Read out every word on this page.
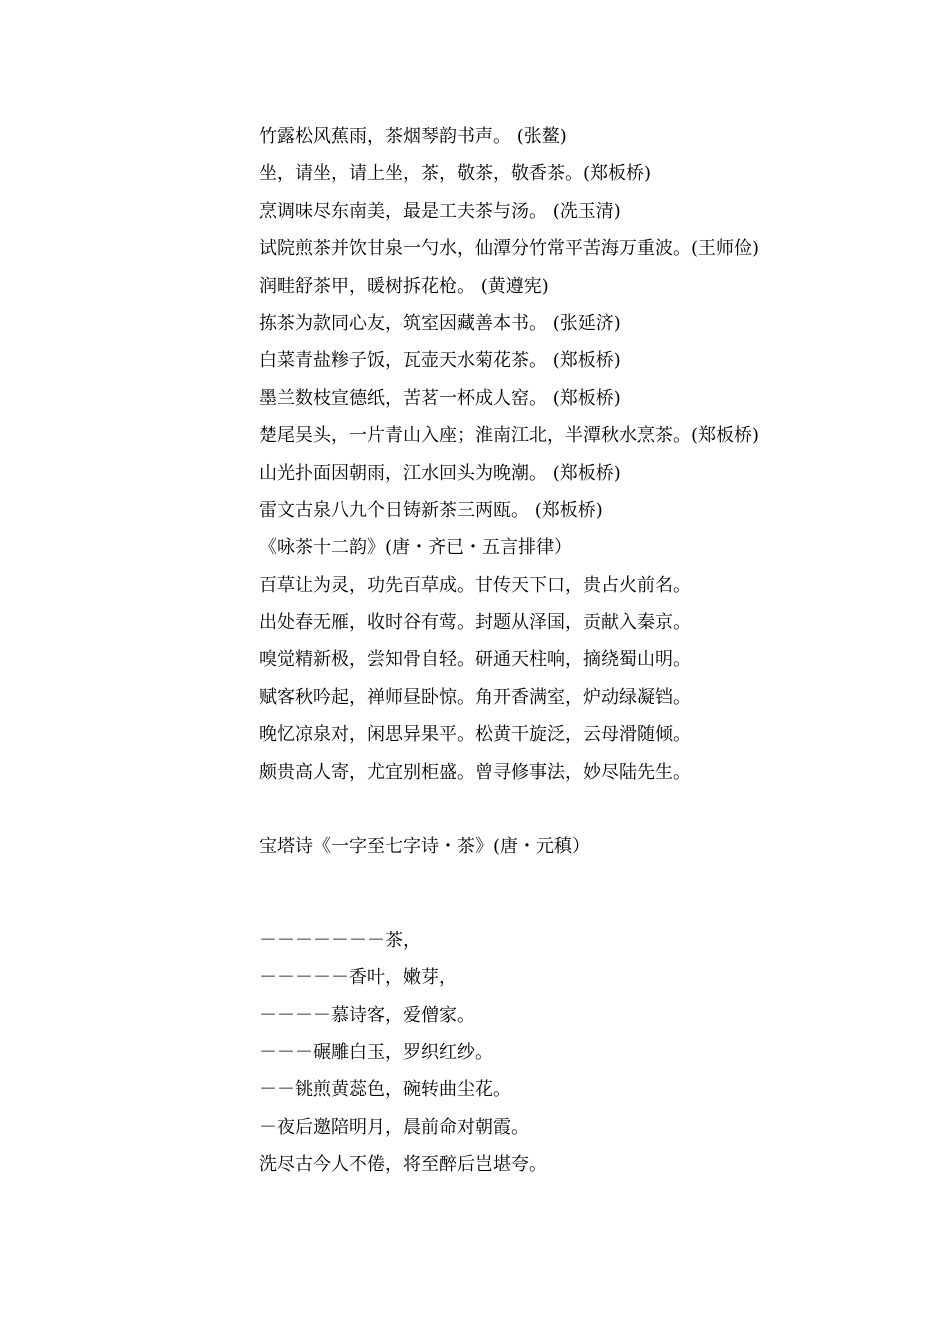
竹露松风蕉雨，茶烟琴韵书声。 (张鳌)
坐，请坐，请上坐，茶，敬茶，敬香茶。(郑板桥)
烹调味尽东南美，最是工夫茶与汤。 (冼玉清)
试院煎茶并饮甘泉一勺水，仙潭分竹常平苦海万重波。(王师俭)
润畦舒茶甲，暖树拆花枪。 (黄遵宪)
拣茶为款同心友，筑室因藏善本书。 (张延济)
白菜青盐糁子饭，瓦壶天水菊花茶。 (郑板桥)
墨兰数枝宣德纸，苦茗一杯成人窑。 (郑板桥)
楚尾吴头，一片青山入座；淮南江北，半潭秋水烹茶。(郑板桥)
山光扑面因朝雨，江水回头为晚潮。 (郑板桥)
雷文古泉八九个日铸新茶三两瓯。 (郑板桥)
《咏茶十二韵》(唐・齐已・五言排律）
百草让为灵，功先百草成。甘传天下口，贵占火前名。
出处春无雁，收时谷有莺。封题从泽国，贡献入秦京。
嗅觉精新极，尝知骨自轻。研通天柱响，摘绕蜀山明。
赋客秋吟起，禅师昼卧惊。角开香满室，炉动绿凝铛。
晚忆凉泉对，闲思异果平。松黄干旋泛，云母滑随倾。
颇贵高人寄，尤宜别柜盛。曾寻修事法，妙尽陆先生。
宝塔诗《一字至七字诗・茶》(唐・元稹）
－－－－－－－茶，
－－－－－香叶，嫩芽，
－－－－慕诗客，爱僧家。
－－－碾雕白玉，罗织红纱。
－－铫煎黄蕊色，碗转曲尘花。
－夜后邀陪明月，晨前命对朝霞。
洗尽古今人不倦，将至醉后岂堪夸。
